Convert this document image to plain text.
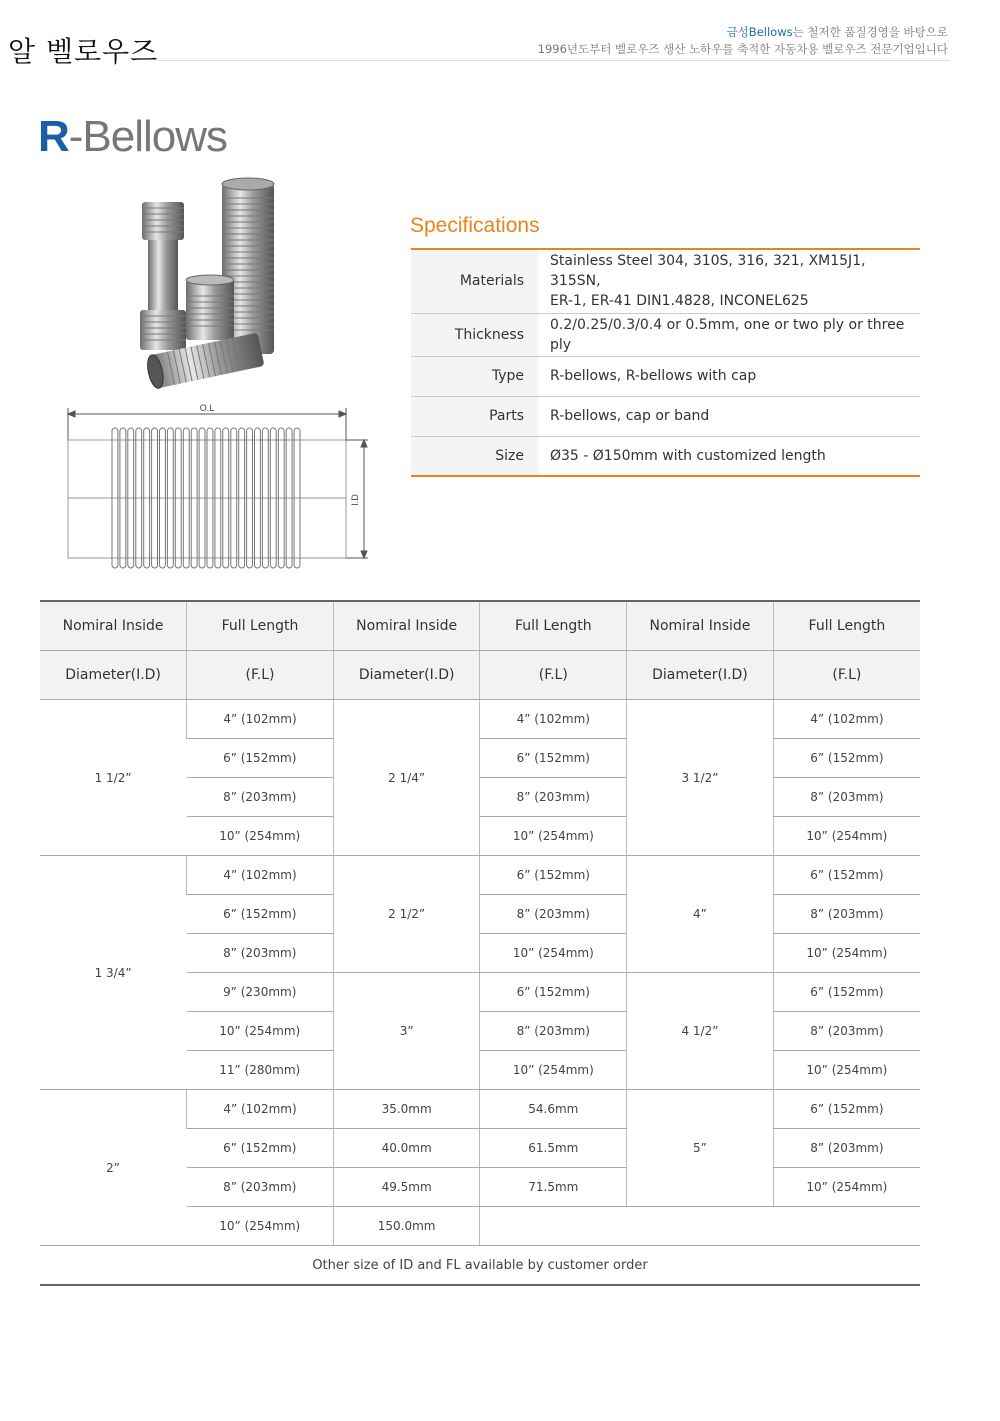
알 벨로우즈
금성Bellows는 철저한 품질경영을 바탕으로
1996년도부터 벨로우즈 생산 노하우를 축적한 자동차용 벨로우즈 전문기업입니다
R-Bellows
O.L
I.D
Specifications
Materials	Stainless Steel 304, 310S, 316, 321, XM15J1, 315SN,
ER-1, ER-41 DIN1.4828, INCONEL625

Thickness	0.2/0.25/0.3/0.4 or 0.5mm, one or two ply or three ply
Type	R-bellows, R-bellows with cap
Parts	R-bellows, cap or band
Size	Ø35 - Ø150mm with customized length
Nomiral Inside	Full Length	Nomiral Inside	Full Length	Nomiral Inside	Full Length
Diameter(I.D)	(F.L)	Diameter(I.D)	(F.L)	Diameter(I.D)	(F.L)
1 1/2”	4” (102mm)	2 1/4”	4” (102mm)	3 1/2”	4” (102mm)
	6” (152mm)		6” (152mm)		6” (152mm)
	8” (203mm)		8” (203mm)		8” (203mm)
	10” (254mm)		10” (254mm)		10” (254mm)
1 3/4”	4” (102mm)	2 1/2”	6” (152mm)	4”	6” (152mm)
	6” (152mm)		8” (203mm)		8” (203mm)
	8” (203mm)		10” (254mm)		10” (254mm)
	9” (230mm)	3”	6” (152mm)	4 1/2”	6” (152mm)
	10” (254mm)		8” (203mm)		8” (203mm)
	11” (280mm)		10” (254mm)		10” (254mm)
2”	4” (102mm)	35.0mm	54.6mm	5”	6” (152mm)
	6” (152mm)	40.0mm	61.5mm		8” (203mm)
	8” (203mm)	49.5mm	71.5mm		10” (254mm)
	10” (254mm)	150.0mm			
Other size of ID and FL available by customer order					
